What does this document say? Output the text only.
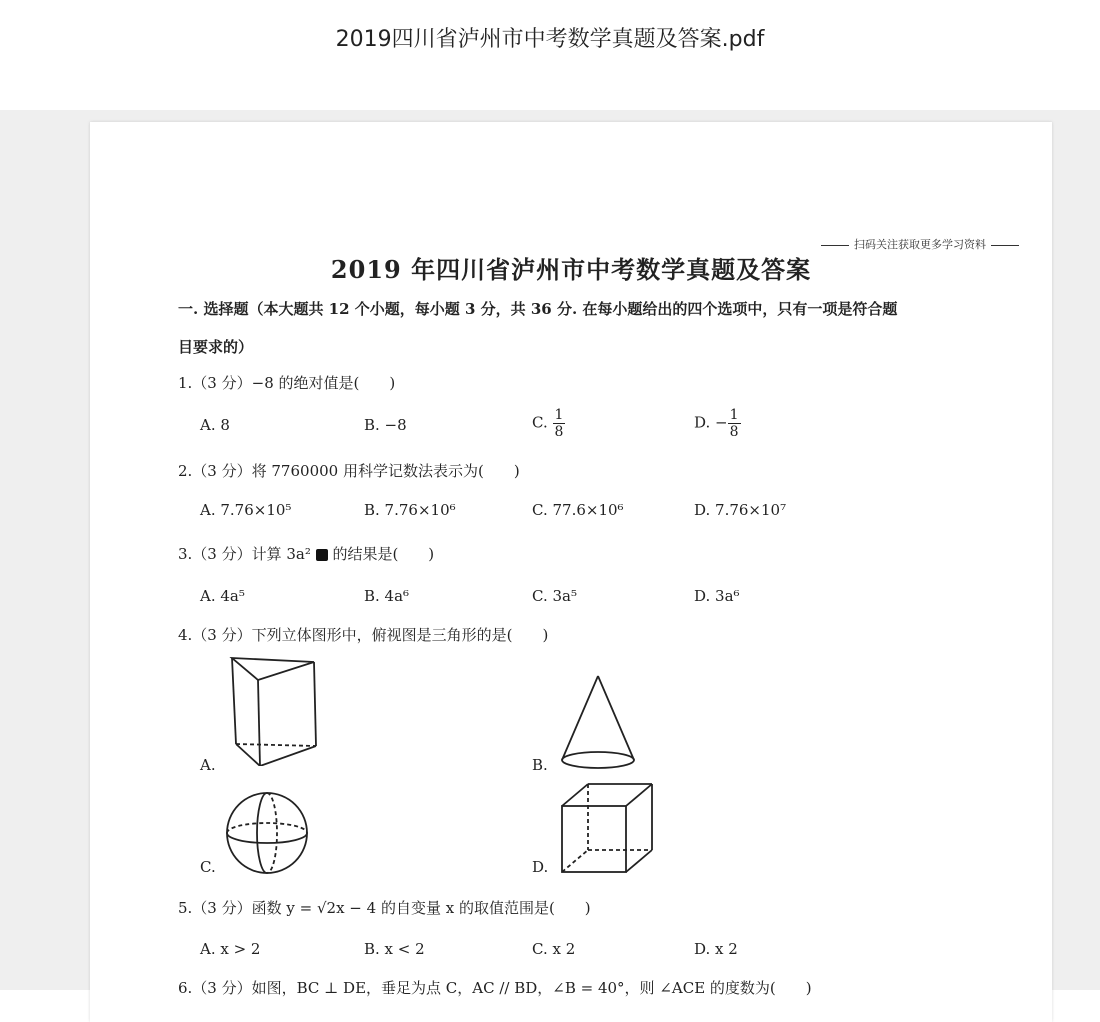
2019四川省泸州市中考数学真题及答案.pdf
扫码关注获取更多学习资料
2019 年四川省泸州市中考数学真题及答案
一. 选择题（本大题共 12 个小题，每小题 3 分，共 36 分. 在每小题给出的四个选项中，只有一项是符合题
目要求的）
1.（3 分）−8 的绝对值是(　　)
A. 8	B. −8	C. $\frac{1}{8}$	D. − $\frac{1}{8}$
2.（3 分）将 7760000 用科学记数法表示为(　　)
A. 7.76×10⁵	B. 7.76×10⁶	C. 77.6×10⁶	D. 7.76×10⁷
3.（3 分）计算 3a²  的结果是(　　)
A. 4a⁵	B. 4a⁶	C. 3a⁵	D. 3a⁶
4.（3 分）下列立体图形中，俯视图是三角形的是(　　)
A.	B.
C.	D.
5.（3 分）函数 y = √2x − 4 的自变量 x 的取值范围是(　　)
A. x > 2	B. x < 2	C. x 2	D. x 2
6.（3 分）如图，BC ⊥ DE，垂足为点 C，AC // BD，∠B = 40°，则 ∠ACE 的度数为(　　)
